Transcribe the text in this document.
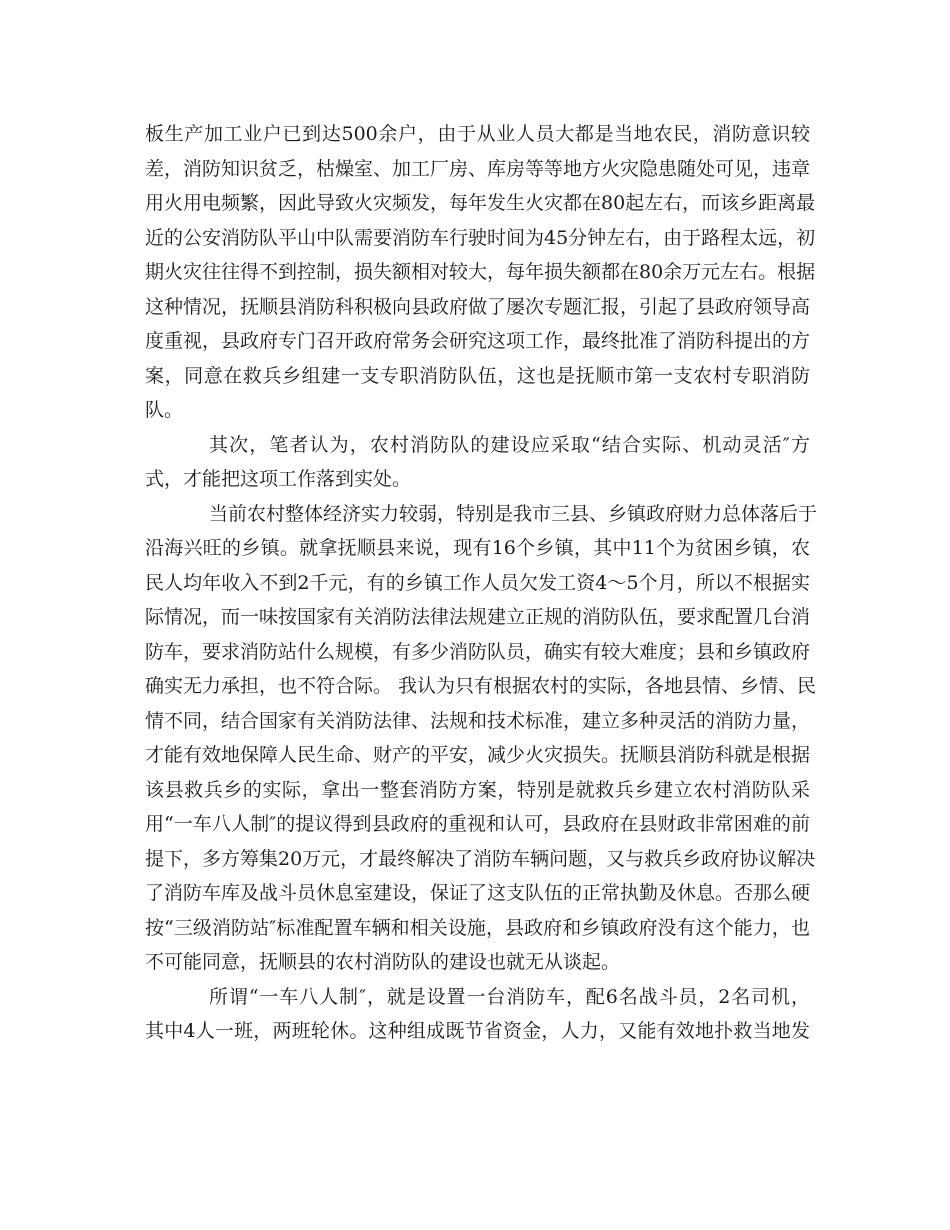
板生产加工业户已到达500余户，由于从业人员大都是当地农民，消防意识较
差，消防知识贫乏，枯燥室、加工厂房、库房等等地方火灾隐患随处可见，违章
用火用电频繁，因此导致火灾频发，每年发生火灾都在80起左右，而该乡距离最
近的公安消防队平山中队需要消防车行驶时间为45分钟左右，由于路程太远，初
期火灾往往得不到控制，损失额相对较大，每年损失额都在80余万元左右。根据
这种情况，抚顺县消防科积极向县政府做了屡次专题汇报，引起了县政府领导高
度重视，县政府专门召开政府常务会研究这项工作，最终批准了消防科提出的方
案，同意在救兵乡组建一支专职消防队伍，这也是抚顺市第一支农村专职消防
队。
其次，笔者认为，农村消防队的建设应采取“结合实际、机动灵活″方
式，才能把这项工作落到实处。
当前农村整体经济实力较弱，特别是我市三县、乡镇政府财力总体落后于
沿海兴旺的乡镇。就拿抚顺县来说，现有16个乡镇，其中11个为贫困乡镇，农
民人均年收入不到2千元，有的乡镇工作人员欠发工资4～5个月，所以不根据实
际情况，而一味按国家有关消防法律法规建立正规的消防队伍，要求配置几台消
防车，要求消防站什么规模，有多少消防队员，确实有较大难度；县和乡镇政府
确实无力承担，也不符合际。 我认为只有根据农村的实际，各地县情、乡情、民
情不同，结合国家有关消防法律、法规和技术标准，建立多种灵活的消防力量，
才能有效地保障人民生命、财产的平安，减少火灾损失。抚顺县消防科就是根据
该县救兵乡的实际，拿出一整套消防方案，特别是就救兵乡建立农村消防队采
用“一车八人制″的提议得到县政府的重视和认可，县政府在县财政非常困难的前
提下，多方筹集20万元，才最终解决了消防车辆问题，又与救兵乡政府协议解决
了消防车库及战斗员休息室建设，保证了这支队伍的正常执勤及休息。否那么硬
按“三级消防站″标准配置车辆和相关设施，县政府和乡镇政府没有这个能力，也
不可能同意，抚顺县的农村消防队的建设也就无从谈起。
所谓“一车八人制″，就是设置一台消防车，配6名战斗员，2名司机，
其中4人一班，两班轮休。这种组成既节省资金，人力，又能有效地扑救当地发
